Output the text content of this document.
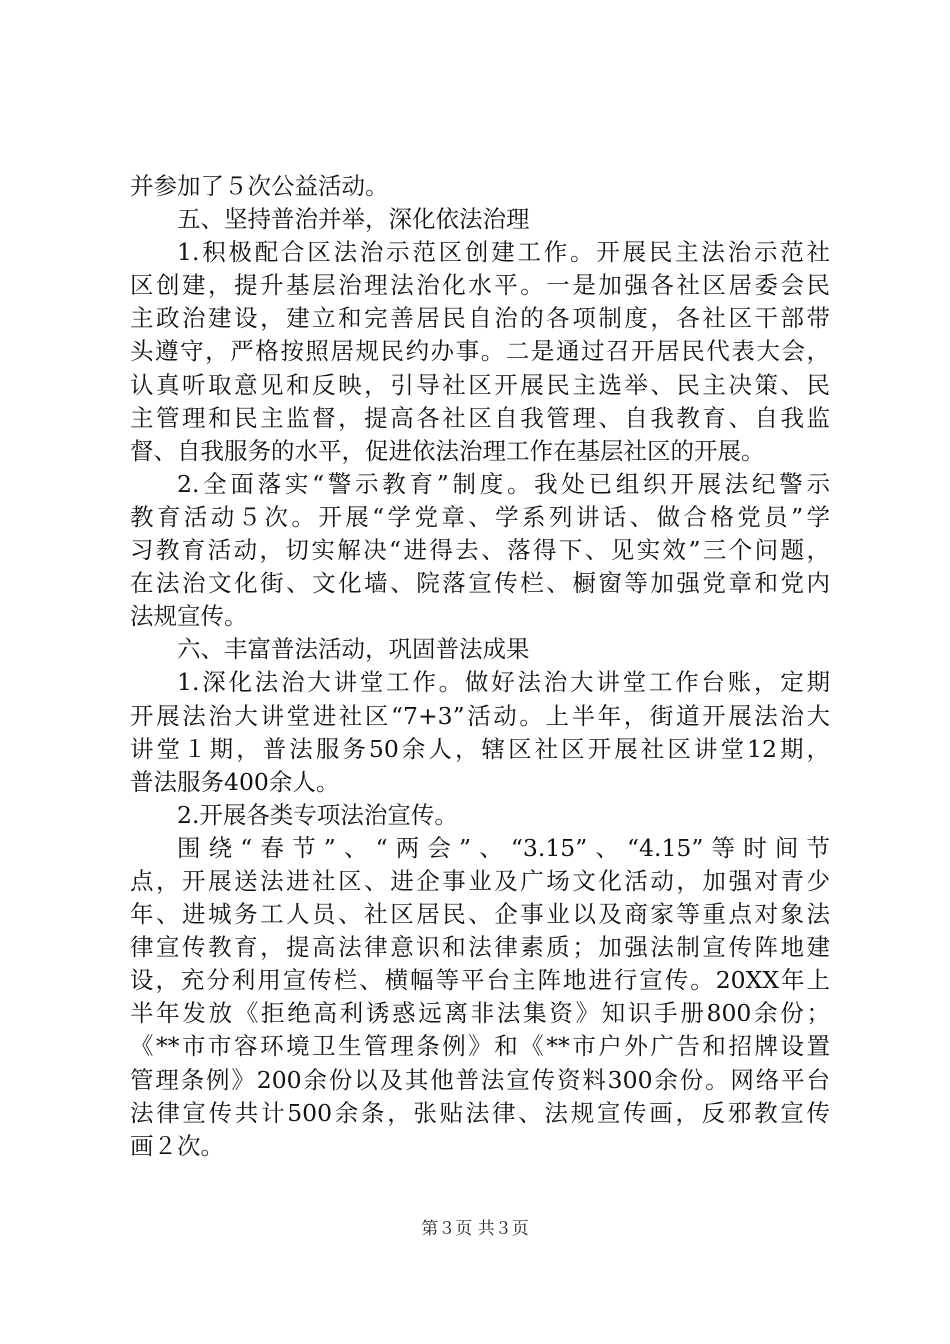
并参加了５次公益活动。
五、坚持普治并举，深化依法治理
1.积极配合区法治示范区创建工作。开展民主法治示范社
区创建，提升基层治理法治化水平。一是加强各社区居委会民
主政治建设，建立和完善居民自治的各项制度，各社区干部带
头遵守，严格按照居规民约办事。二是通过召开居民代表大会，
认真听取意见和反映，引导社区开展民主选举、民主决策、民
主管理和民主监督，提高各社区自我管理、自我教育、自我监
督、自我服务的水平，促进依法治理工作在基层社区的开展。
2.全面落实“警示教育”制度。我处已组织开展法纪警示
教育活动５次。开展“学党章、学系列讲话、做合格党员”学
习教育活动，切实解决“进得去、落得下、见实效”三个问题，
在法治文化街、文化墙、院落宣传栏、橱窗等加强党章和党内
法规宣传。
六、丰富普法活动，巩固普法成果
1.深化法治大讲堂工作。做好法治大讲堂工作台账，定期
开展法治大讲堂进社区“7+3”活动。上半年，街道开展法治大
讲堂１期，普法服务50余人，辖区社区开展社区讲堂12期，
普法服务400余人。
2.开展各类专项法治宣传。
围绕“春节”、“两会”、“3.15”、“4.15”等时间节
点，开展送法进社区、进企事业及广场文化活动，加强对青少
年、进城务工人员、社区居民、企事业以及商家等重点对象法
律宣传教育，提高法律意识和法律素质；加强法制宣传阵地建
设，充分利用宣传栏、横幅等平台主阵地进行宣传。20XX年上
半年发放《拒绝高利诱惑远离非法集资》知识手册800余份；
《**市市容环境卫生管理条例》和《**市户外广告和招牌设置
管理条例》200余份以及其他普法宣传资料300余份。网络平台
法律宣传共计500余条，张贴法律、法规宣传画，反邪教宣传
画２次。
第３页 共３页
